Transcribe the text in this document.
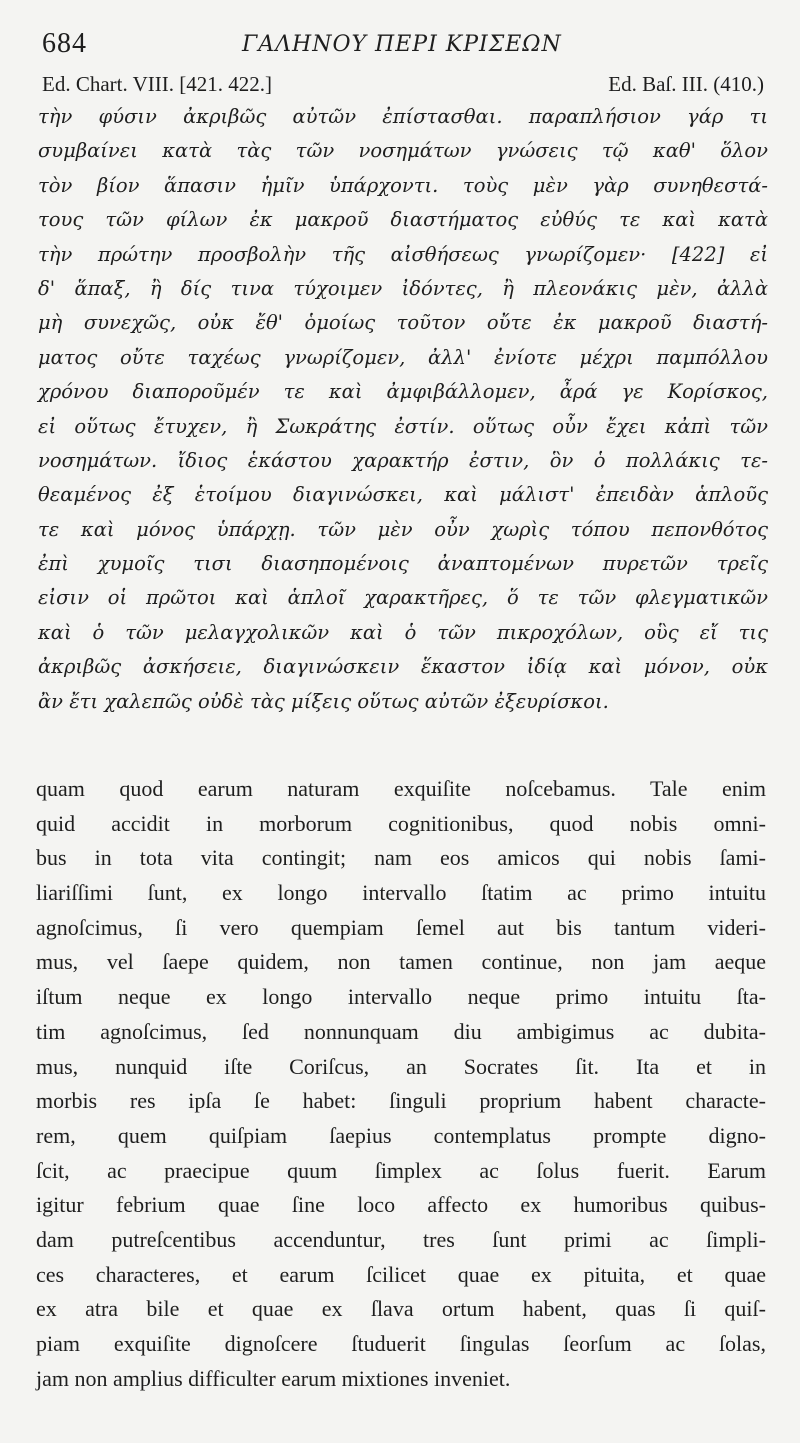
684	ΓΑΛΗΝΟΥ ΠΕΡΙ ΚΡΙΣΕΩΝ
Ed. Chart. VIII. [421. 422.]	Ed. Baſ. III. (410.)
τὴν φύσιν ἀκριβῶς αὐτῶν ἐπίστασθαι. παραπλήσιον γάρ τι
συμβαίνει κατὰ τὰς τῶν νοσημάτων γνώσεις τῷ καθ' ὅλον
τὸν βίον ἅπασιν ἡμῖν ὑπάρχοντι. τοὺς μὲν γὰρ συνηθεστά-
τους τῶν φίλων ἐκ μακροῦ διαστήματος εὐθύς τε καὶ κατὰ
τὴν πρώτην προσβολὴν τῆς αἰσθήσεως γνωρίζομεν· [422] εἰ
δ' ἅπαξ, ἢ δίς τινα τύχοιμεν ἰδόντες, ἢ πλεονάκις μὲν, ἀλλὰ
μὴ συνεχῶς, οὐκ ἔθ' ὁμοίως τοῦτον οὔτε ἐκ μακροῦ διαστή-
ματος οὔτε ταχέως γνωρίζομεν, ἀλλ' ἐνίοτε μέχρι παμπόλλου
χρόνου διαποροῦμέν τε καὶ ἀμφιβάλλομεν, ἆρά γε Κορίσκος,
εἰ οὕτως ἔτυχεν, ἢ Σωκράτης ἐστίν. οὕτως οὖν ἔχει κἀπὶ τῶν
νοσημάτων. ἴδιος ἑκάστου χαρακτήρ ἐστιν, ὃν ὁ πολλάκις τε-
θεαμένος ἐξ ἑτοίμου διαγινώσκει, καὶ μάλιστ' ἐπειδὰν ἁπλοῦς
τε καὶ μόνος ὑπάρχῃ. τῶν μὲν οὖν χωρὶς τόπου πεπονθότος
ἐπὶ χυμοῖς τισι διασηπομένοις ἀναπτομένων πυρετῶν τρεῖς
εἰσιν οἱ πρῶτοι καὶ ἁπλοῖ χαρακτῆρες, ὅ τε τῶν φλεγματικῶν
καὶ ὁ τῶν μελαγχολικῶν καὶ ὁ τῶν πικροχόλων, οὓς εἴ τις
ἀκριβῶς ἀσκήσειε, διαγινώσκειν ἕκαστον ἰδίᾳ καὶ μόνον, οὐκ
ἂν ἔτι χαλεπῶς οὐδὲ τὰς μίξεις οὕτως αὐτῶν ἐξευρίσκοι.
quam quod earum naturam exquiſite noſcebamus. Tale enim
quid accidit in morborum cognitionibus, quod nobis omni-
bus in tota vita contingit; nam eos amicos qui nobis ſami-
liariſſimi ſunt, ex longo intervallo ſtatim ac primo intuitu
agnoſcimus, ſi vero quempiam ſemel aut bis tantum videri-
mus, vel ſaepe quidem, non tamen continue, non jam aeque
iſtum neque ex longo intervallo neque primo intuitu ſta-
tim agnoſcimus, ſed nonnunquam diu ambigimus ac dubita-
mus, nunquid iſte Coriſcus, an Socrates ſit. Ita et in
morbis res ipſa ſe habet: ſinguli proprium habent characte-
rem, quem quiſpiam ſaepius contemplatus prompte digno-
ſcit, ac praecipue quum ſimplex ac ſolus fuerit. Earum
igitur febrium quae ſine loco affecto ex humoribus quibus-
dam putreſcentibus accenduntur, tres ſunt primi ac ſimpli-
ces characteres, et earum ſcilicet quae ex pituita, et quae
ex atra bile et quae ex ſlava ortum habent, quas ſi quiſ-
piam exquiſite dignoſcere ſtuduerit ſingulas ſeorſum ac ſolas,
jam non amplius difficulter earum mixtiones inveniet.
